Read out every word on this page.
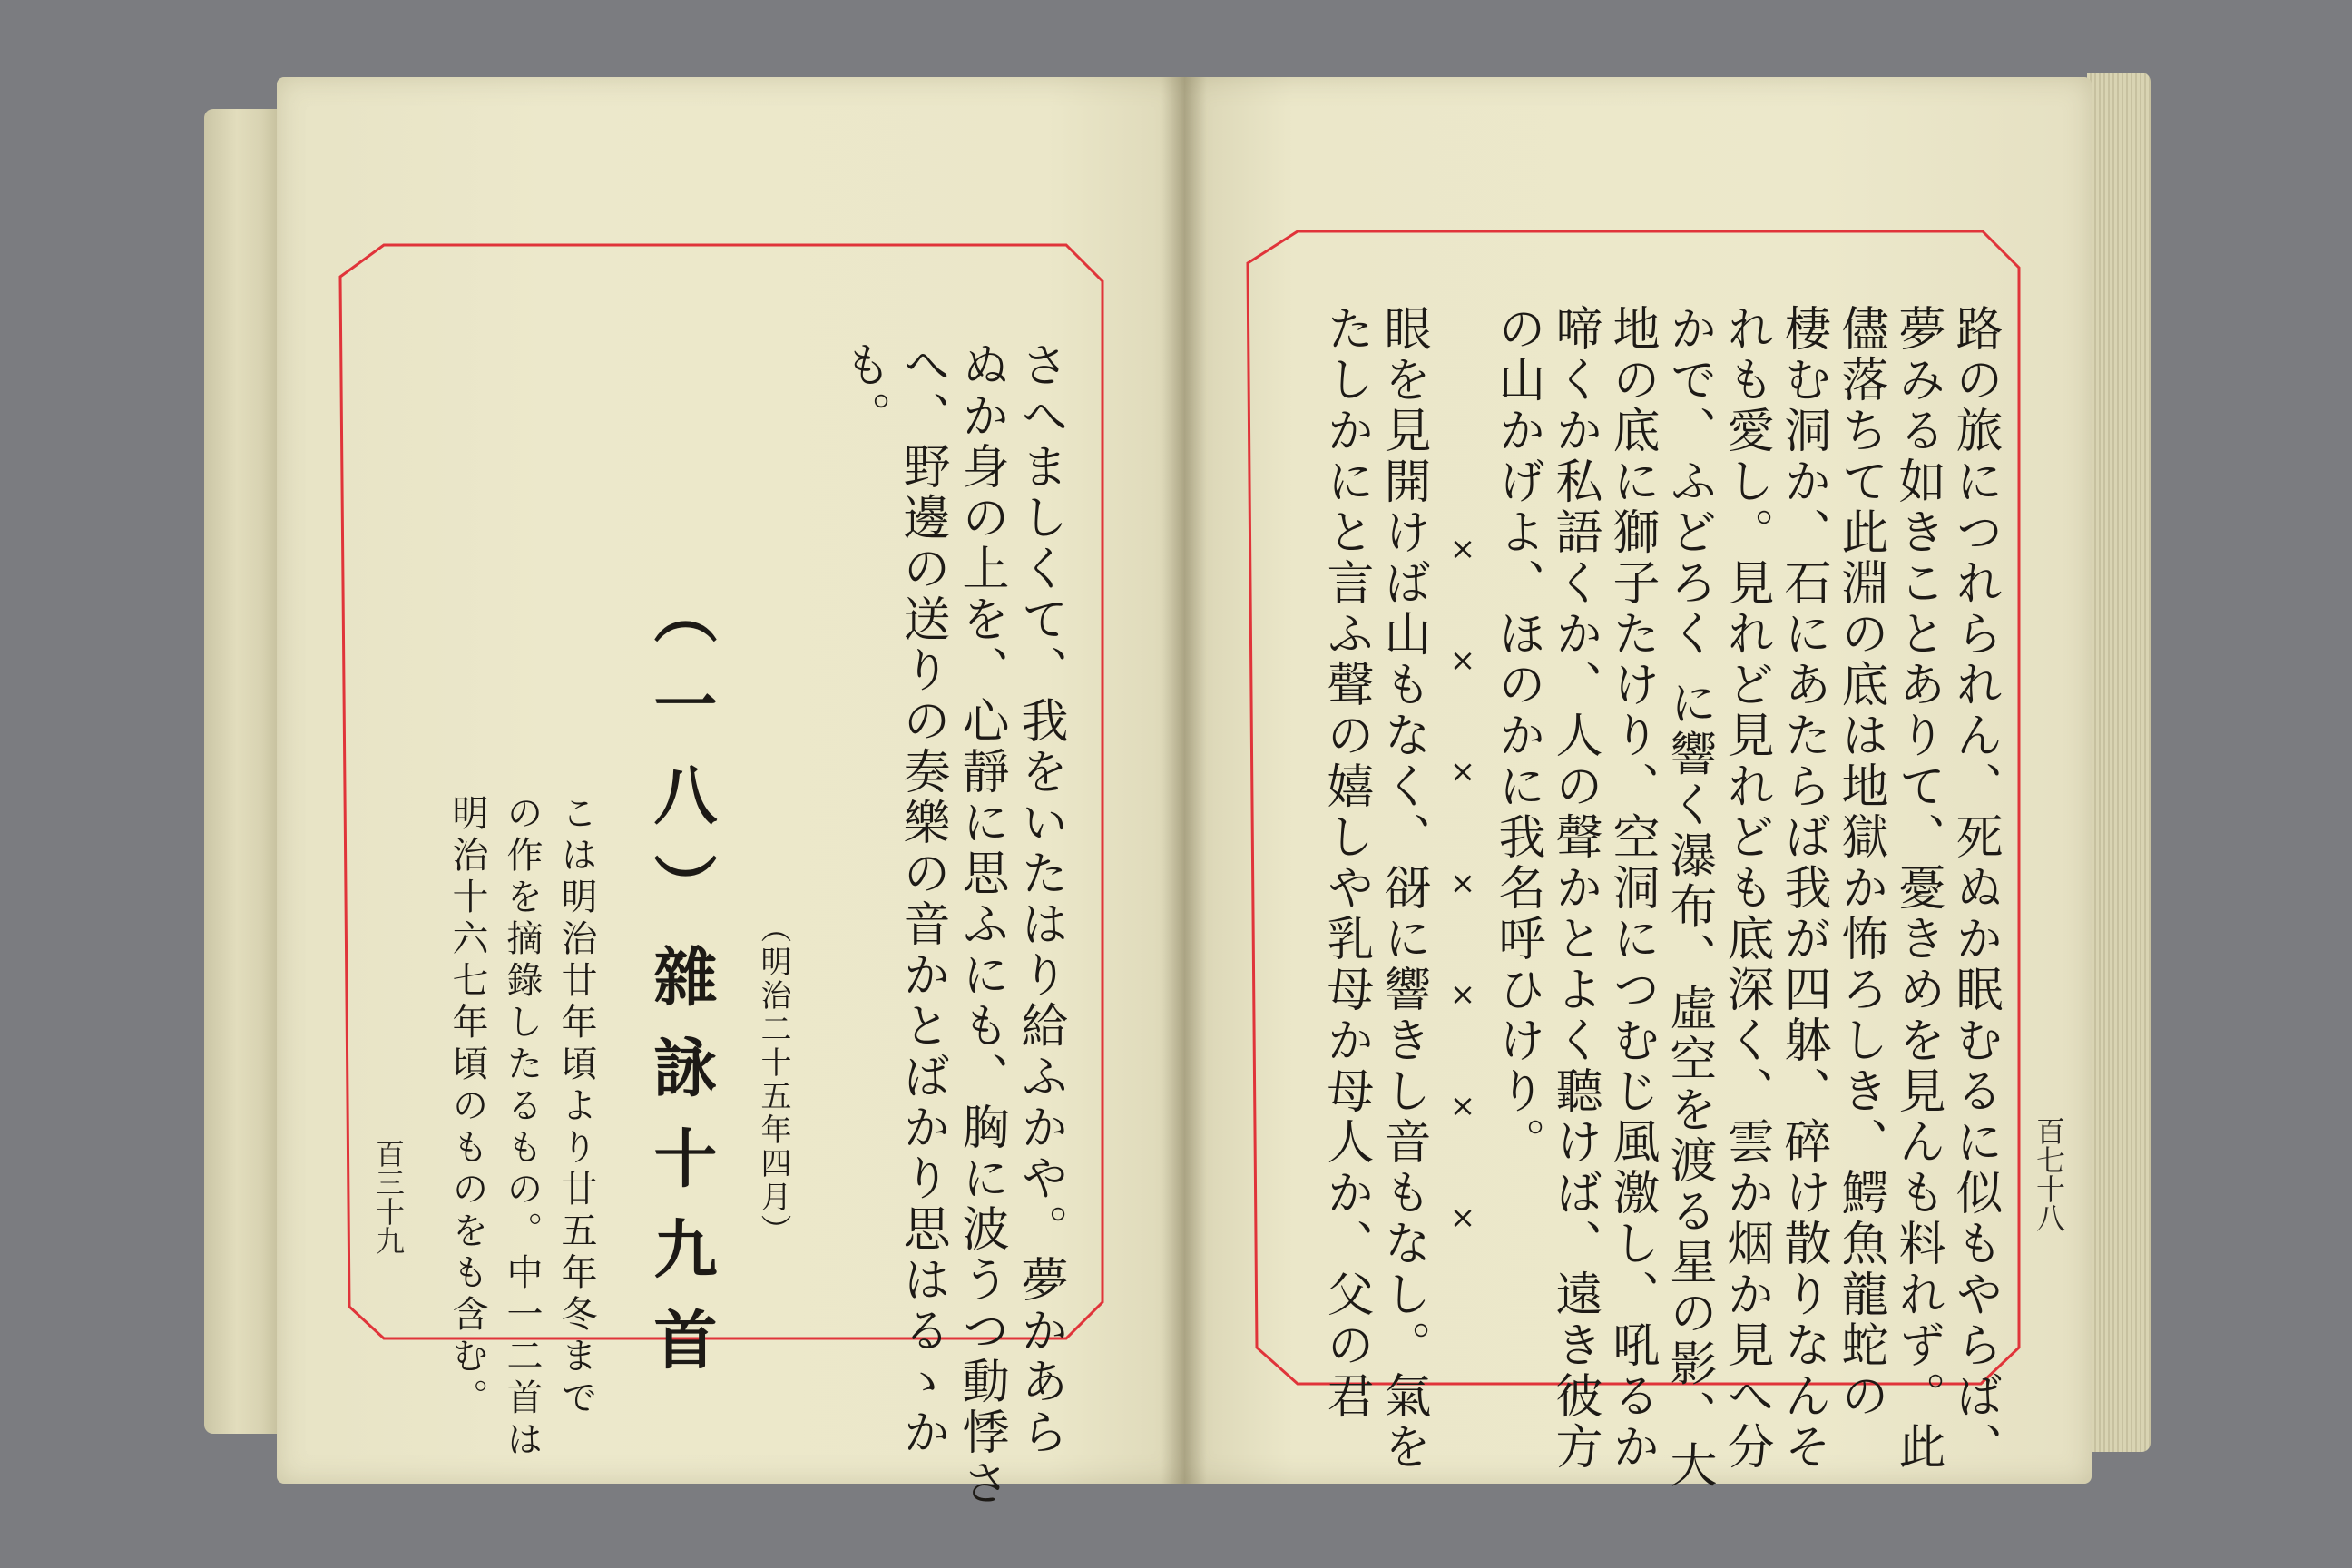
さへましくて、我をいたはり給ふかや。夢かあら
ぬか身の上を、心靜に思ふにも、胸に波うつ動悸さ
へ、野邊の送りの奏樂の音かとばかり思はるゝか
も。
（明治二十五年四月）
（一八）雜詠十九首
こは明治廿年頃より廿五年冬まで
の作を摘錄したるもの。中一二首は
明治十六七年頃のものをも含む。
百三十九	路の旅につれられん、死ぬか眠むるに似もやらば、
夢みる如きことありて、憂きめを見んも料れず。此
儘落ちて此淵の底は地獄か怖ろしき、鰐魚龍蛇の
棲む洞か、石にあたらば我が四躰、碎け散りなんそ
れも愛し。見れど見れども底深く、雲か烟か見へ分
かで、ふどろく に響く瀑布、虛空を渡る星の影、大
地の底に獅子たけり、空洞につむじ風激し、吼るか
啼くか私語くか、人の聲かとよく聽けば、遠き彼方
の山かげよ、ほのかに我名呼ひけり。
× × × × × × ×
眼を見開けば山もなく、谺に響きし音もなし。氣を
たしかにと言ふ聲の嬉しや乳母か母人か、父の君	百七十八
